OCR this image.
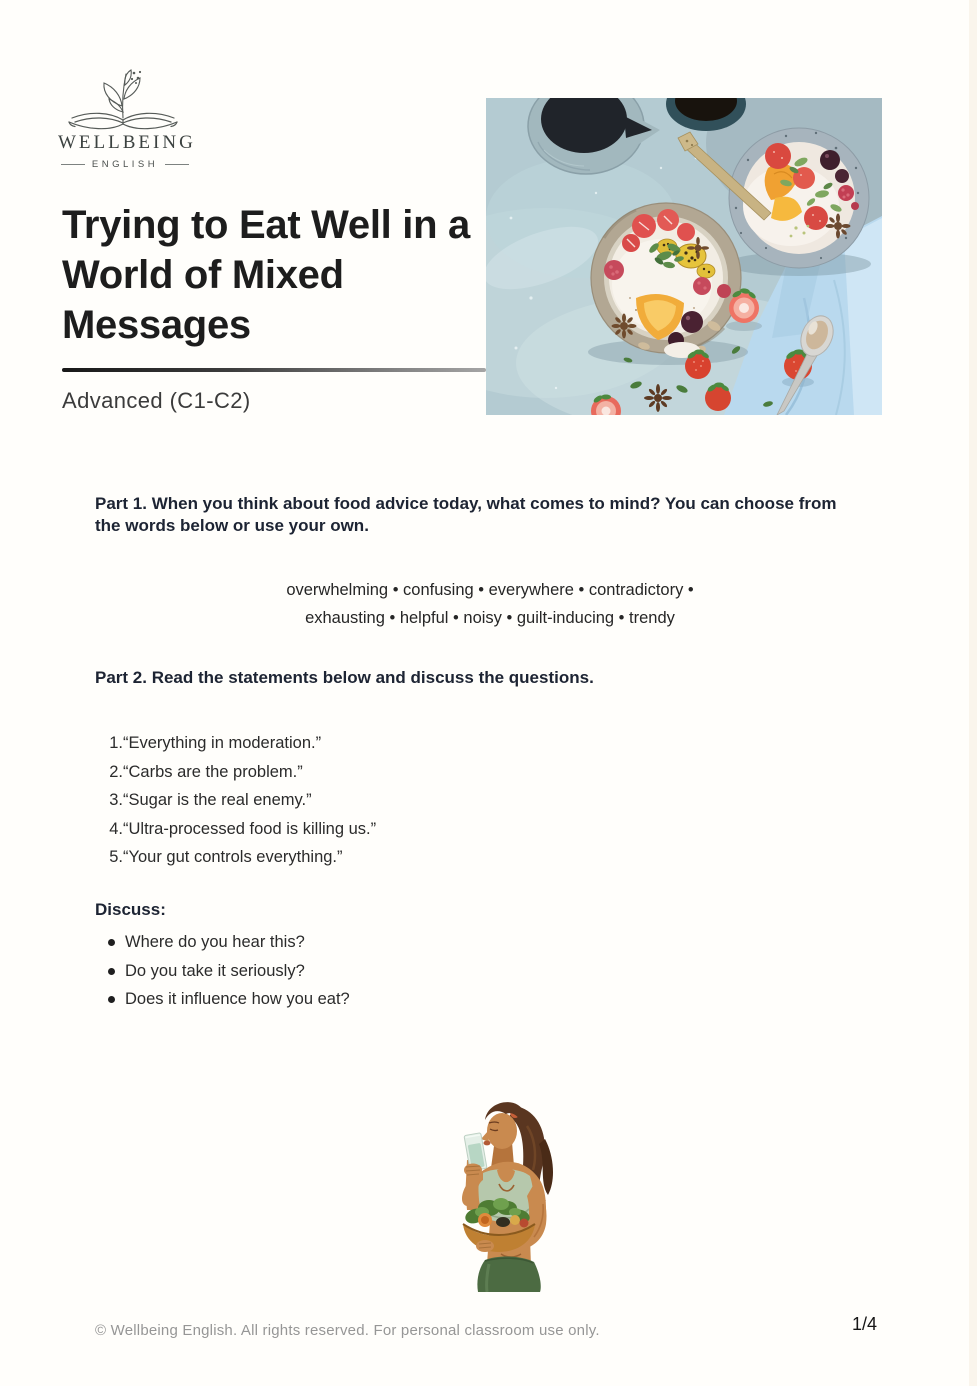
WELLBEING
ENGLISH
Trying to Eat Well in a
World of Mixed
Messages
Advanced (C1-C2)
Part 1. When you think about food advice today, what comes to mind? You can choose from
the words below or use your own.
overwhelming • confusing • everywhere • contradictory •
exhausting • helpful • noisy • guilt-inducing • trendy
Part 2. Read the statements below and discuss the questions.
1. “Everything in moderation.”
2. “Carbs are the problem.”
3. “Sugar is the real enemy.”
4. “Ultra-processed food is killing us.”
5. “Your gut controls everything.”
Discuss:
Where do you hear this?
Do you take it seriously?
Does it influence how you eat?
© Wellbeing English. All rights reserved. For personal classroom use only.	1/4
